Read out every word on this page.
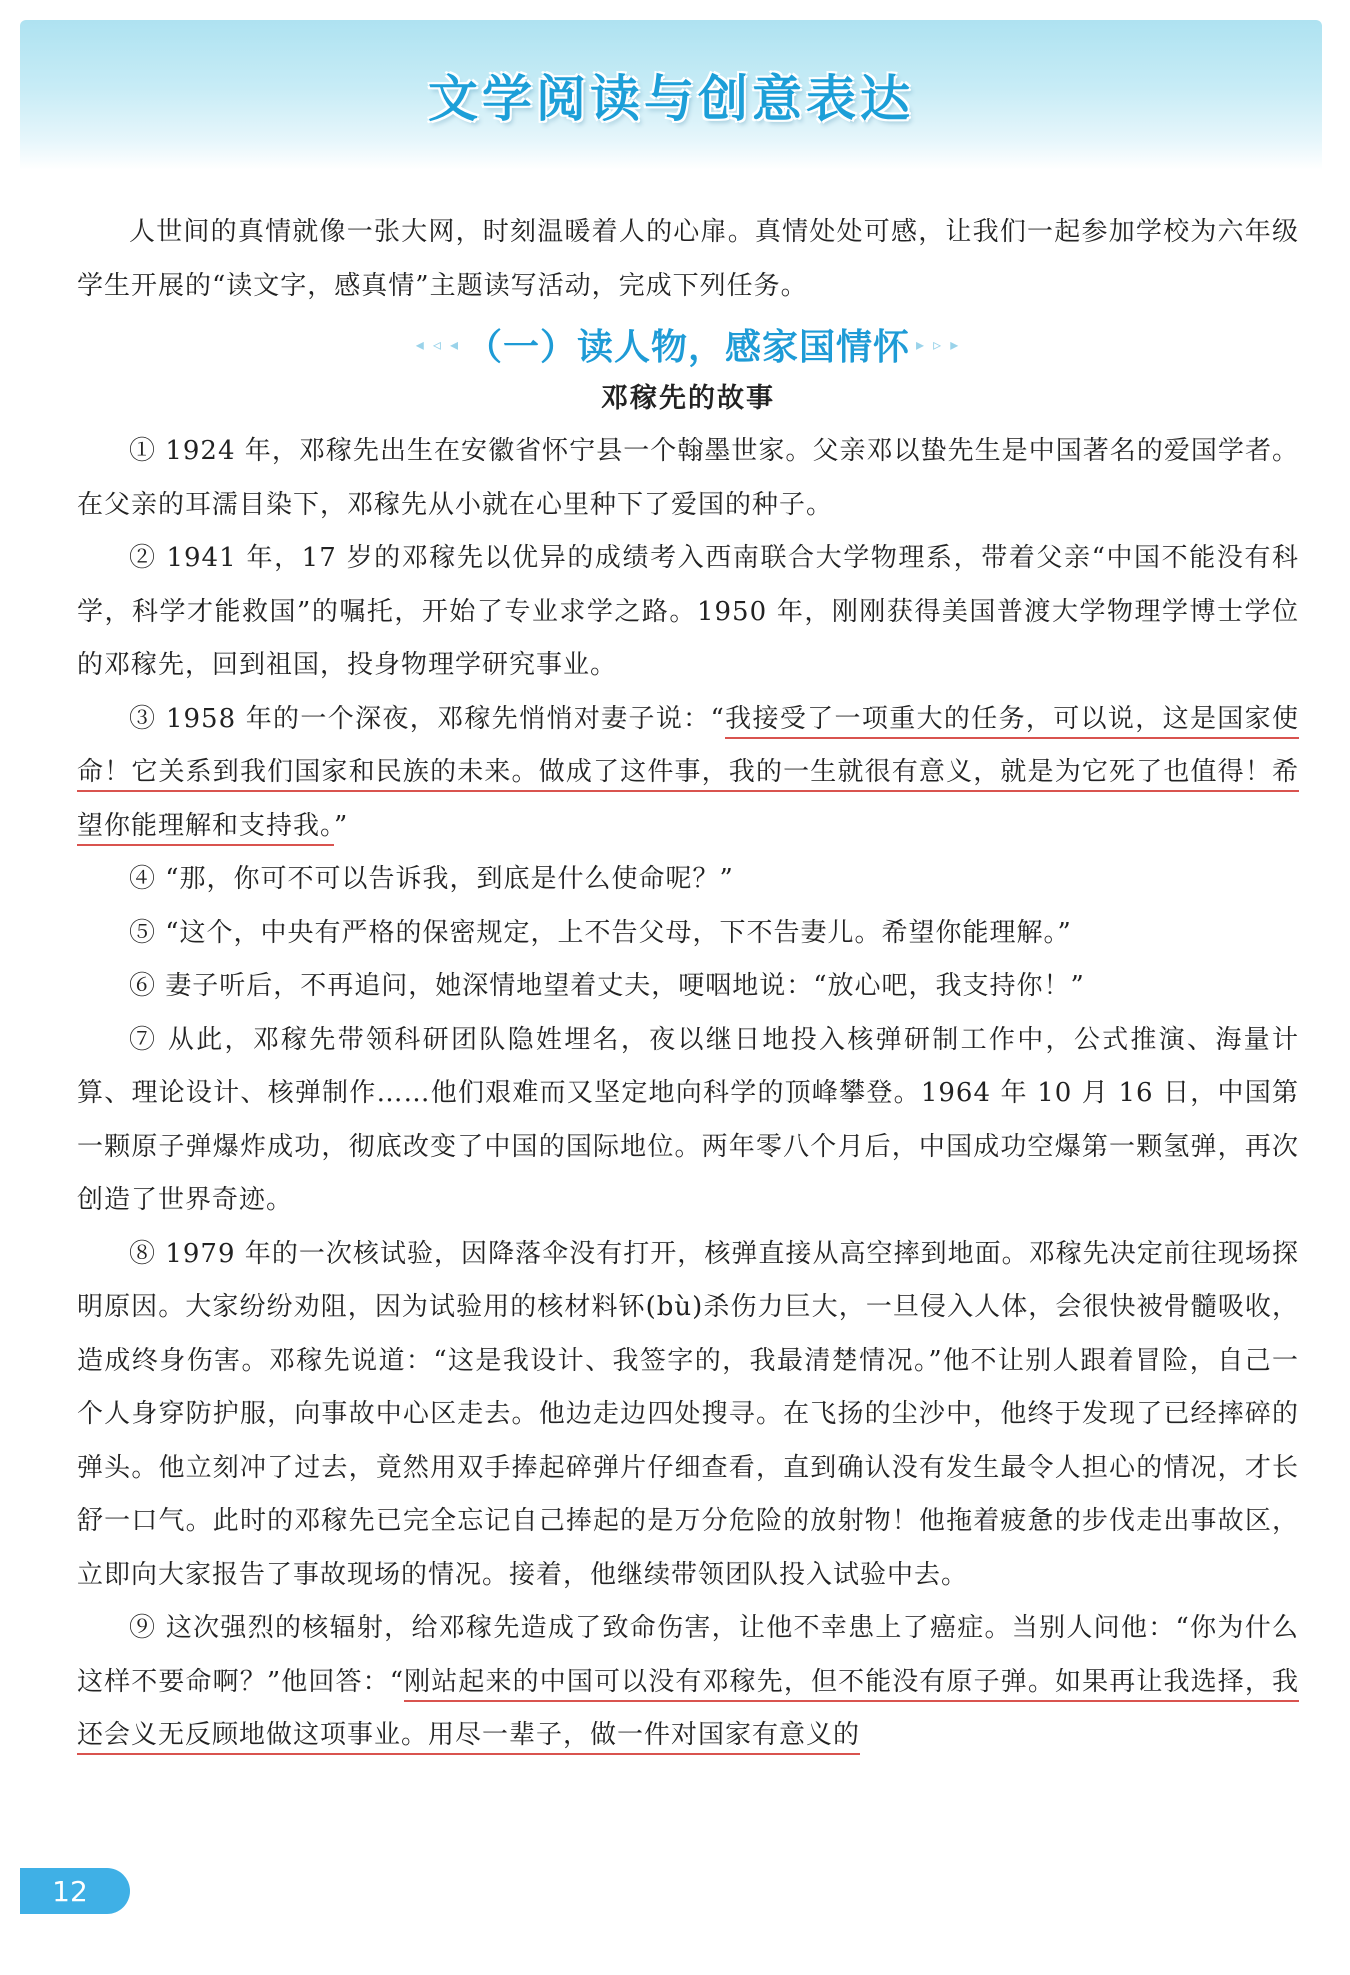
文学阅读与创意表达

人世间的真情就像一张大网，时刻温暖着人的心扉。真情处处可感，让我们一起参加学校为六年级学生开展的“读文字，感真情”主题读写活动，完成下列任务。

◂ ◃ ◂ （一）读人物，感家国情怀 ▸ ▹ ▸
邓稼先的故事

① 1924 年，邓稼先出生在安徽省怀宁县一个翰墨世家。父亲邓以蛰先生是中国著名的爱国学者。在父亲的耳濡目染下，邓稼先从小就在心里种下了爱国的种子。

② 1941 年，17 岁的邓稼先以优异的成绩考入西南联合大学物理系，带着父亲“中国不能没有科学，科学才能救国”的嘱托，开始了专业求学之路。1950 年，刚刚获得美国普渡大学物理学博士学位的邓稼先，回到祖国，投身物理学研究事业。

③ 1958 年的一个深夜，邓稼先悄悄对妻子说：“我接受了一项重大的任务，可以说，这是国家使命！它关系到我们国家和民族的未来。做成了这件事，我的一生就很有意义，就是为它死了也值得！希望你能理解和支持我。”

④ “那，你可不可以告诉我，到底是什么使命呢？”

⑤ “这个，中央有严格的保密规定，上不告父母，下不告妻儿。希望你能理解。”

⑥ 妻子听后，不再追问，她深情地望着丈夫，哽咽地说：“放心吧，我支持你！”

⑦ 从此，邓稼先带领科研团队隐姓埋名，夜以继日地投入核弹研制工作中，公式推演、海量计算、理论设计、核弹制作……他们艰难而又坚定地向科学的顶峰攀登。1964 年 10 月 16 日，中国第一颗原子弹爆炸成功，彻底改变了中国的国际地位。两年零八个月后，中国成功空爆第一颗氢弹，再次创造了世界奇迹。

⑧ 1979 年的一次核试验，因降落伞没有打开，核弹直接从高空摔到地面。邓稼先决定前往现场探明原因。大家纷纷劝阻，因为试验用的核材料钚(bù)杀伤力巨大，一旦侵入人体，会很快被骨髓吸收，造成终身伤害。邓稼先说道：“这是我设计、我签字的，我最清楚情况。”他不让别人跟着冒险，自己一个人身穿防护服，向事故中心区走去。他边走边四处搜寻。在飞扬的尘沙中，他终于发现了已经摔碎的弹头。他立刻冲了过去，竟然用双手捧起碎弹片仔细查看，直到确认没有发生最令人担心的情况，才长舒一口气。此时的邓稼先已完全忘记自己捧起的是万分危险的放射物！他拖着疲惫的步伐走出事故区，立即向大家报告了事故现场的情况。接着，他继续带领团队投入试验中去。

⑨ 这次强烈的核辐射，给邓稼先造成了致命伤害，让他不幸患上了癌症。当别人问他：“你为什么这样不要命啊？”他回答：“刚站起来的中国可以没有邓稼先，但不能没有原子弹。如果再让我选择，我还会义无反顾地做这项事业。用尽一辈子，做一件对国家有意义的

12
